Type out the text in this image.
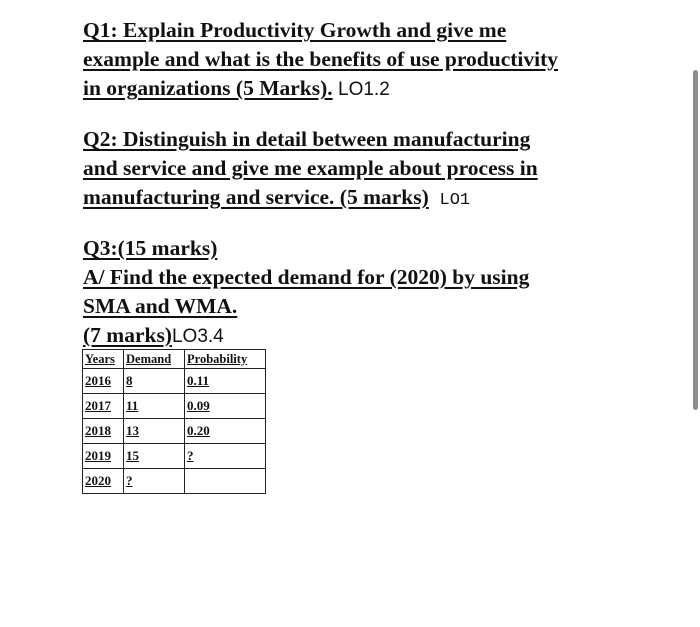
Q1: Explain Productivity Growth and give me
example and what is the benefits of use productivity
in organizations (5 Marks). LO1.2
Q2: Distinguish in detail between manufacturing
and service and give me example about process in
manufacturing and service. (5 marks) LO1
Q3:(15 marks)
A/ Find the expected demand for (2020) by using
SMA and WMA.
(7 marks)LO3.4
Years	Demand	Probability
2016	8	0.11
2017	11	0.09
2018	13	0.20
2019	15	?
2020	?	
